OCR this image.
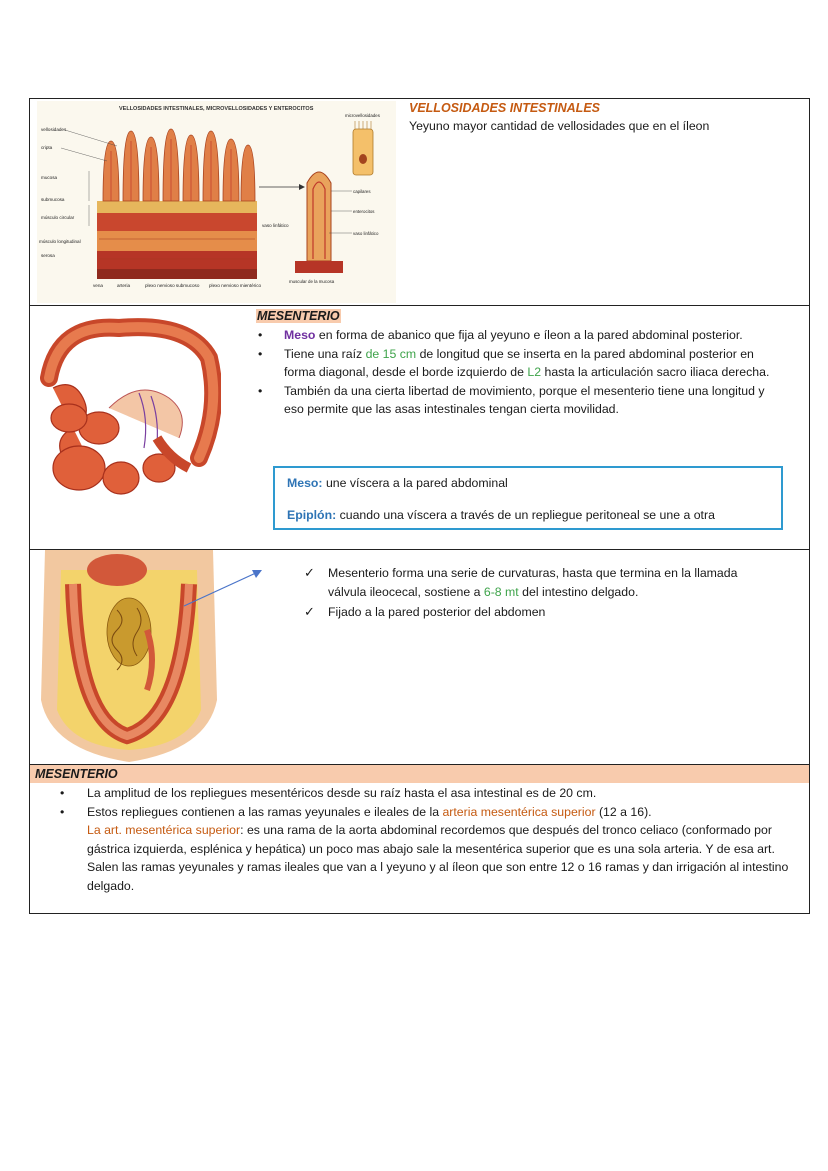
VELLOSIDADES INTESTINALES, MICROVELLOSIDADES Y ENTEROCITOS
vellosidades
cripta
mucosa
submucosa
músculo circular
músculo longitudinal
serosa
vena	arteria	plexo nervioso submucoso plexo nervioso mientérico
vaso linfático
microvellosidades
capilares
enterocitos
vaso linfático
muscular de la mucosa
VELLOSIDADES INTESTINALES
Yeyuno mayor cantidad de vellosidades que en el íleon
MESENTERIO
• Meso en forma de abanico que fija al yeyuno e íleon a la pared abdominal posterior.
• Tiene una raíz de 15 cm de longitud que se inserta en la pared abdominal posterior en forma diagonal, desde el borde izquierdo de L2 hasta la articulación sacro iliaca derecha.
• También da una cierta libertad de movimiento, porque el mesenterio tiene una longitud y eso permite que las asas intestinales tengan cierta movilidad.
Meso: une víscera a la pared abdominal
Epiplón: cuando una víscera a través de un repliegue peritoneal se une a otra
✓ Mesenterio forma una serie de curvaturas, hasta que termina en la llamada válvula ileocecal, sostiene a 6-8 mt del intestino delgado.
✓ Fijado a la pared posterior del abdomen
MESENTERIO
• La amplitud de los repliegues mesentéricos desde su raíz hasta el asa intestinal es de 20 cm.
• Estos repliegues contienen a las ramas yeyunales e ileales de la arteria mesentérica superior (12 a 16).
La art. mesentérica superior: es una rama de la aorta abdominal recordemos que después del tronco celiaco (conformado por gástrica izquierda, esplénica y hepática) un poco mas abajo sale la mesentérica superior que es una sola arteria. Y de esa art. Salen las ramas yeyunales y ramas ileales que van a l yeyuno y al íleon que son entre 12 o 16 ramas y dan irrigación al intestino delgado.
